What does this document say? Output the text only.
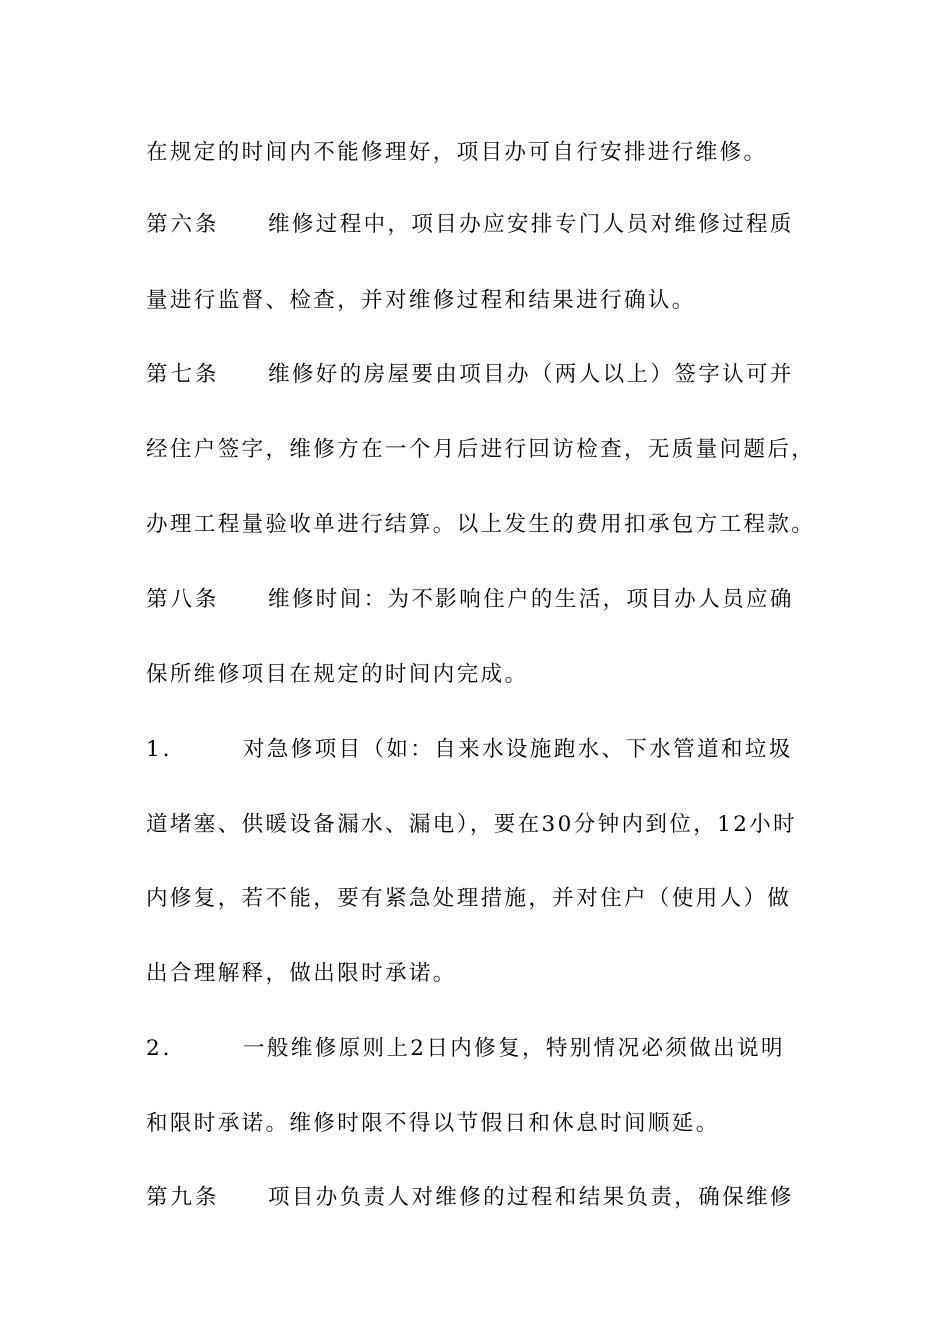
在规定的时间内不能修理好，项目办可自行安排进行维修。
第六条 维修过程中，项目办应安排专门人员对维修过程质
量进行监督、检查，并对维修过程和结果进行确认。
第七条 维修好的房屋要由项目办（两人以上）签字认可并
经住户签字，维修方在一个月后进行回访检查，无质量问题后，
办理工程量验收单进行结算。以上发生的费用扣承包方工程款。
第八条 维修时间：为不影响住户的生活，项目办人员应确
保所维修项目在规定的时间内完成。
1.	对急修项目（如：自来水设施跑水、下水管道和垃圾
道堵塞、供暖设备漏水、漏电），要在30分钟内到位，12小时
内修复，若不能，要有紧急处理措施，并对住户（使用人）做
出合理解释，做出限时承诺。
2.	一般维修原则上2日内修复，特别情况必须做出说明
和限时承诺。维修时限不得以节假日和休息时间顺延。
第九条 项目办负责人对维修的过程和结果负责，确保维修
